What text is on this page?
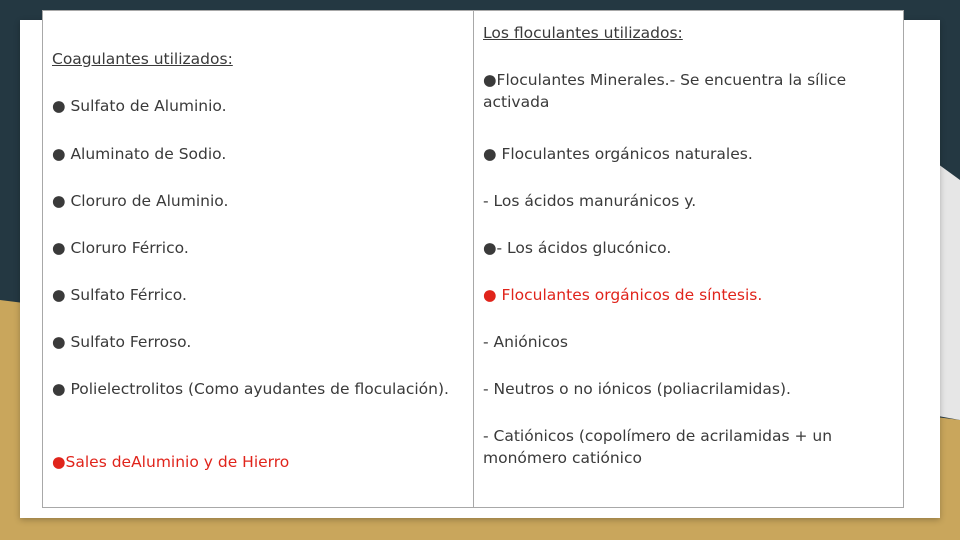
Coagulantes utilizados:

● Sulfato de Aluminio.

● Aluminato de Sodio.

● Cloruro de Aluminio.

● Cloruro Férrico.

● Sulfato Férrico.

● Sulfato Ferroso.

● Polielectrolitos (Como ayudantes de floculación).

●Sales deAluminio y de Hierro

Los floculantes utilizados:

●Floculantes Minerales.- Se encuentra la sílice activada

● Floculantes orgánicos naturales.

- Los ácidos manuránicos y.

●- Los ácidos glucónico.

● Floculantes orgánicos de síntesis.

- Aniónicos

- Neutros o no iónicos (poliacrilamidas).

- Catiónicos (copolímero de acrilamidas + un monómero catiónico
